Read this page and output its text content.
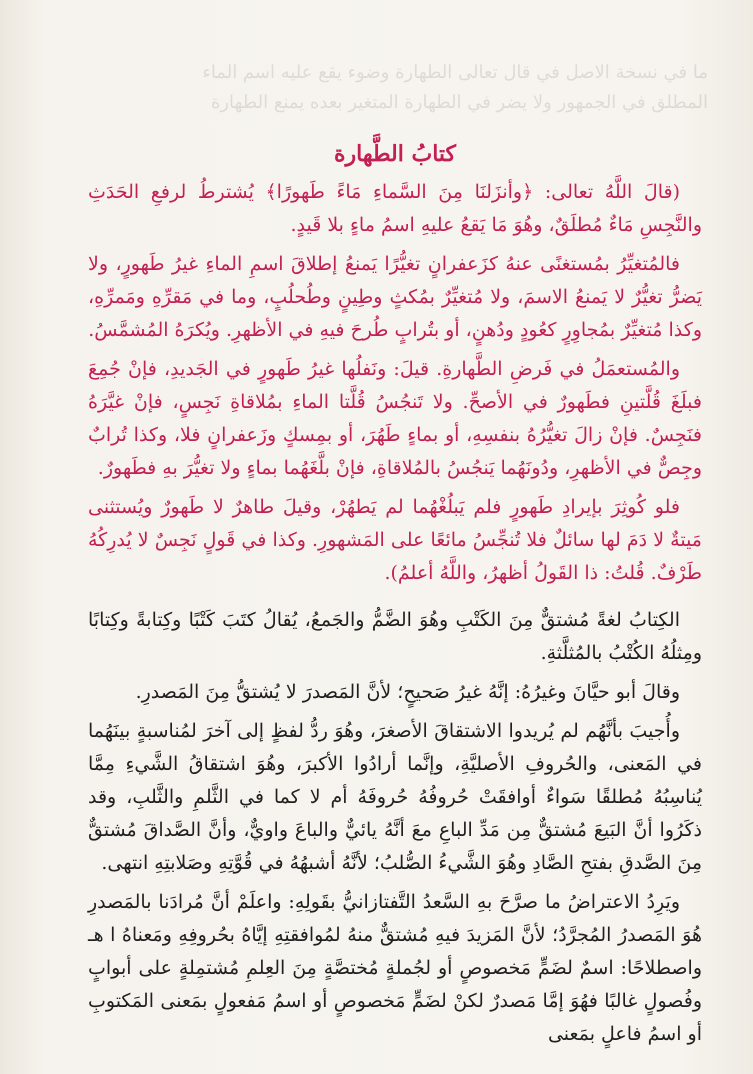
ما في نسخة الاصل في قال تعالى الطهارة وضوء يقع عليه اسم الماء
المطلق في الجمهور ولا يضر في الطهارة المتغير بعده يمنع الطهارة
كتابُ الطَّهارة

(قالَ اللَّهُ تعالى: ﴿وأنزَلنَا مِنَ السَّماءِ مَاءً طَهورًا﴾ يُشترطُ لرفعِ الحَدَثِ والنَّجِسِ مَاءٌ مُطلَقٌ، وهُوَ مَا يَقعُ عليهِ اسمُ ماءٍ بلا قَيدٍ.

فالمُتغيِّرُ بمُستغنًى عنهُ كزَعفرانٍ تغيُّرًا يَمنعُ إطلاقَ اسمِ الماءِ غيرُ طَهورٍ، ولا يَضرُّ تغيُّرٌ لا يَمنعُ الاسمَ، ولا مُتغيِّرٌ بمُكثٍ وطِينٍ وطُحلُبٍ، وما في مَقرِّهِ ومَمرِّهِ، وكذا مُتغيِّرٌ بمُجاوِرٍ كعُودٍ ودُهنٍ، أو بتُرابٍ طُرحَ فيهِ في الأظهرِ. ويُكرَهُ المُشمَّسُ.

والمُستعمَلُ في فَرضِ الطَّهارةِ. قيلَ: ونَفلُها غيرُ طَهورٍ في الجَديدِ، فإنْ جُمِعَ فبلَغَ قُلَّتينِ فطَهورٌ في الأصحِّ. ولا تَنجُسُ قُلَّتا الماءِ بمُلاقاةِ نَجِسٍ، فإنْ غيَّرَهُ فنَجِسٌ. فإنْ زالَ تغيُّرُهُ بنفسِهِ، أو بماءٍ طَهُرَ، أو بمِسكٍ وزَعفرانٍ فلا، وكذا تُرابٌ وجِصٌّ في الأظهرِ، ودُونَهُما يَنجُسُ بالمُلاقاةِ، فإنْ بلَّغَهُما بماءٍ ولا تغيُّرَ بهِ فطَهورٌ.

فلو كُوثِرَ بإيرادِ طَهورٍ فلم يَبلُغْهُما لم يَطهُرْ، وقيلَ طاهرٌ لا طَهورٌ ويُستثنى مَيتةٌ لا دَمَ لها سائلٌ فلا تُنجِّسُ مائعًا على المَشهورِ. وكذا في قَولٍ نَجِسٌ لا يُدرِكُهُ طَرْفٌ. قُلتُ: ذا القَولُ أظهرُ، واللَّهُ أعلمُ).

الكِتابُ لغةً مُشتقٌّ مِنَ الكَتْبِ وهُوَ الضَّمُّ والجَمعُ، يُقالُ كتَبَ كَتْبًا وكِتابةً وكِتابًا ومِثلُهُ الكُتْبُ بالمُثلَّثةِ.

وقالَ أبو حيَّانَ وغيرُهُ: إنَّهُ غيرُ صَحيحٍ؛ لأنَّ المَصدرَ لا يُشتقُّ مِنَ المَصدرِ.

وأُجيبَ بأنَّهُم لم يُريدوا الاشتقاقَ الأصغرَ، وهُوَ ردُّ لفظٍ إلى آخرَ لمُناسبةٍ بينَهُما في المَعنى، والحُروفِ الأصليَّةِ، وإنَّما أرادُوا الأكبرَ، وهُوَ اشتقاقُ الشَّيءِ مِمَّا يُناسِبُهُ مُطلقًا سَواءٌ أوافقَتْ حُروفُهُ حُروفَهُ أم لا كما في الثَّلمِ والثَّلبِ، وقد ذكَرُوا أنَّ البَيعَ مُشتقٌّ مِن مَدِّ الباعِ معَ أنَّهُ يائيٌّ والباعَ واويٌّ، وأنَّ الصَّداقَ مُشتقٌّ مِنَ الصَّدقِ بفتحِ الصَّادِ وهُوَ الشَّيءُ الصُّلبُ؛ لأنَّهُ أشبهُهُ في قُوَّتِهِ وصَلابتِهِ انتهى.

ويَرِدُ الاعتراضُ ما صرَّحَ بهِ السَّعدُ التَّفتازانيُّ بقَولِهِ: واعلَمْ أنَّ مُرادَنا بالمَصدرِ هُوَ المَصدرُ المُجرَّدُ؛ لأنَّ المَزيدَ فيهِ مُشتقٌّ منهُ لمُوافقتِهِ إيَّاهُ بحُروفِهِ ومَعناهُ ا هـ واصطلاحًا: اسمٌ لضَمٍّ مَخصوصٍ أو لجُملةٍ مُختصَّةٍ مِنَ العِلمِ مُشتمِلةٍ على أبوابٍ وفُصولٍ غالبًا فهُوَ إمَّا مَصدرٌ لكنْ لضَمٍّ مَخصوصٍ أو اسمُ مَفعولٍ بمَعنى المَكتوبِ أو اسمُ فاعلٍ بمَعنى
